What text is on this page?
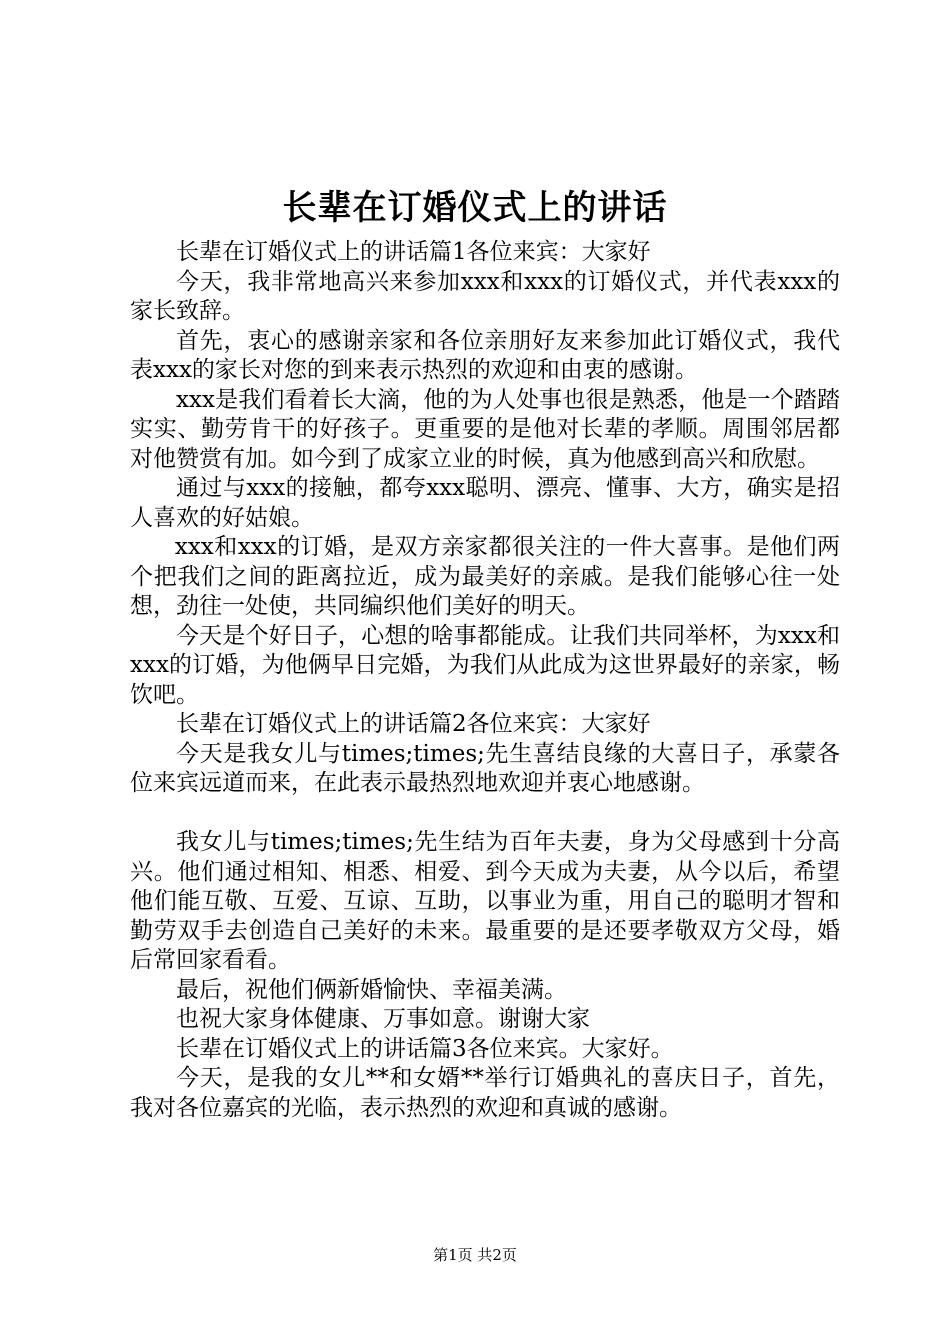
长辈在订婚仪式上的讲话

长辈在订婚仪式上的讲话篇1各位来宾：大家好

今天，我非常地高兴来参加xxx和xxx的订婚仪式，并代表xxx的家长致辞。

首先，衷心的感谢亲家和各位亲朋好友来参加此订婚仪式，我代表xxx的家长对您的到来表示热烈的欢迎和由衷的感谢。

xxx是我们看着长大滴，他的为人处事也很是熟悉，他是一个踏踏实实、勤劳肯干的好孩子。更重要的是他对长辈的孝顺。周围邻居都对他赞赏有加。如今到了成家立业的时候，真为他感到高兴和欣慰。

通过与xxx的接触，都夸xxx聪明、漂亮、懂事、大方，确实是招人喜欢的好姑娘。

xxx和xxx的订婚，是双方亲家都很关注的一件大喜事。是他们两个把我们之间的距离拉近，成为最美好的亲戚。是我们能够心往一处想，劲往一处使，共同编织他们美好的明天。

今天是个好日子，心想的啥事都能成。让我们共同举杯，为xxx和xxx的订婚，为他俩早日完婚，为我们从此成为这世界最好的亲家，畅饮吧。

长辈在订婚仪式上的讲话篇2各位来宾：大家好

今天是我女儿与times;times;先生喜结良缘的大喜日子，承蒙各位来宾远道而来，在此表示最热烈地欢迎并衷心地感谢。

我女儿与times;times;先生结为百年夫妻，身为父母感到十分高兴。他们通过相知、相悉、相爱、到今天成为夫妻，从今以后，希望他们能互敬、互爱、互谅、互助，以事业为重，用自己的聪明才智和勤劳双手去创造自己美好的未来。最重要的是还要孝敬双方父母，婚后常回家看看。

最后，祝他们俩新婚愉快、幸福美满。

也祝大家身体健康、万事如意。谢谢大家

长辈在订婚仪式上的讲话篇3各位来宾。大家好。

今天，是我的女儿**和女婿**举行订婚典礼的喜庆日子，首先，我对各位嘉宾的光临，表示热烈的欢迎和真诚的感谢。

第1页 共2页
